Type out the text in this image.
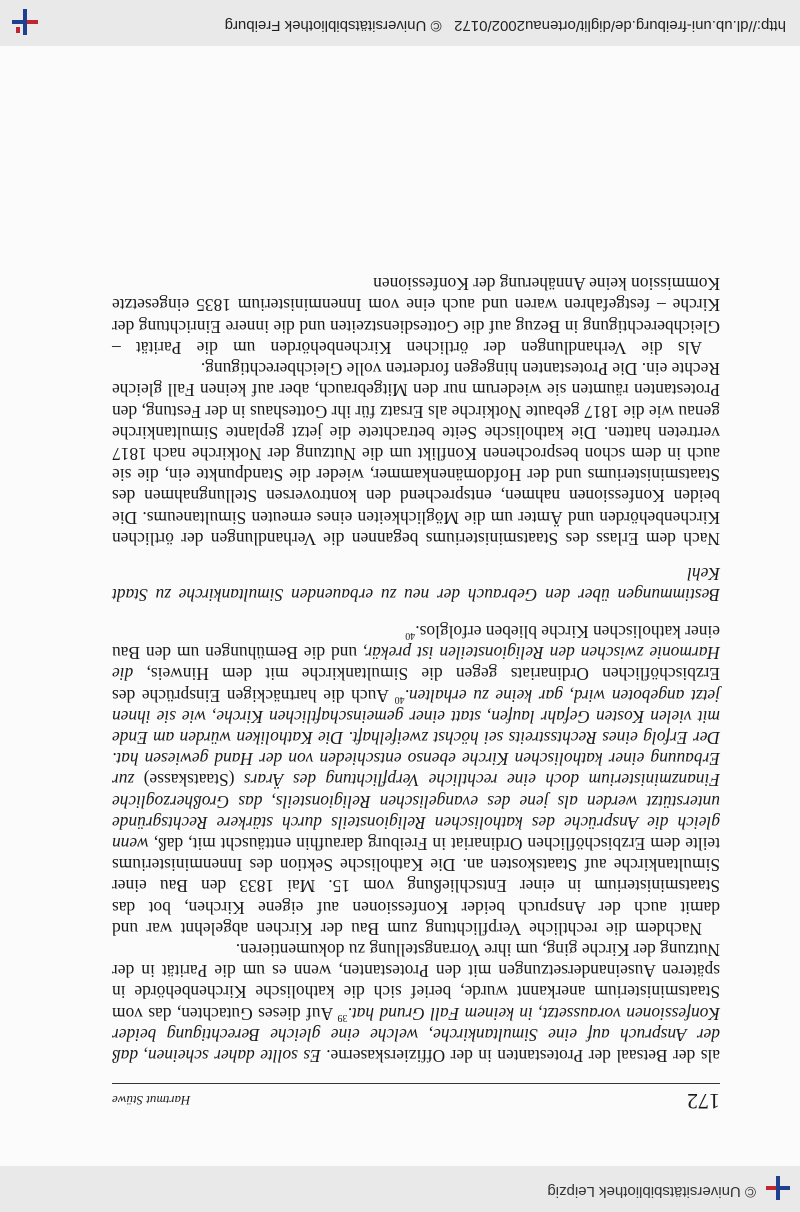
© Universitätsbibliothek Leipzig
172
Hartmut Stüwe

als der Betsaal der Protestanten in der Offizierskaserne. Es sollte daher scheinen, daß der Anspruch auf eine Simultankirche, welche eine gleiche Berechtigung beider Konfessionen voraussetzt, in keinem Fall Grund hat.$^{39}$ Auf dieses Gutachten, das vom Staatsministerium anerkannt wurde, berief sich die katholische Kirchenbehörde in späteren Auseinandersetzungen mit den Protestanten, wenn es um die Parität in der Nutzung der Kirche ging, um ihre Vorrangstellung zu dokumentieren.

Nachdem die rechtliche Verpflichtung zum Bau der Kirchen abgelehnt war und damit auch der Anspruch beider Konfessionen auf eigene Kirchen, bot das Staatsministerium in einer Entschließung vom 15. Mai 1833 den Bau einer Simultankirche auf Staatskosten an. Die Katholische Sektion des Innenministeriums teilte dem Erzbischöflichen Ordinariat in Freiburg daraufhin enttäuscht mit, daß, wenn gleich die Ansprüche des katholischen Religionsteils durch stärkere Rechtsgründe unterstützt werden als jene des evangelischen Religionsteils, das Großherzogliche Finanzministerium doch eine rechtliche Verpflichtung des Ärars (Staatskasse) zur Erbauung einer katholischen Kirche ebenso entschieden von der Hand gewiesen hat. Der Erfolg eines Rechtsstreits sei höchst zweifelhaft. Die Katholiken würden am Ende mit vielen Kosten Gefahr laufen, statt einer gemeinschaftlichen Kirche, wie sie ihnen jetzt angeboten wird, gar keine zu erhalten.$^{40}$ Auch die hartnäckigen Einsprüche des Erzbischöflichen Ordinariats gegen die Simultankirche mit dem Hinweis, die Harmonie zwischen den Religionsteilen ist prekär, und die Bemühungen um den Bau einer katholischen Kirche blieben erfolglos.$^{40}$

Bestimmungen über den Gebrauch der neu zu erbauenden Simultankirche zu Stadt Kehl

Nach dem Erlass des Staatsministeriums begannen die Verhandlungen der örtlichen Kirchenbehörden und Ämter um die Möglichkeiten eines erneuten Simultaneums. Die beiden Konfessionen nahmen, entsprechend den kontroversen Stellungnahmen des Staatsministeriums und der Hofdomänenkammer, wieder die Standpunkte ein, die sie auch in dem schon besprochenen Konflikt um die Nutzung der Notkirche nach 1817 vertreten hatten. Die katholische Seite betrachtete die jetzt geplante Simultankirche genau wie die 1817 gebaute Notkirche als Ersatz für ihr Gotteshaus in der Festung, den Protestanten räumten sie wiederum nur den Mitgebrauch, aber auf keinen Fall gleiche Rechte ein. Die Protestanten hingegen forderten volle Gleichberechtigung.

Als die Verhandlungen der örtlichen Kirchenbehörden um die Parität – Gleichberechtigung in Bezug auf die Gottesdienstzeiten und die innere Einrichtung der Kirche – festgefahren waren und auch eine vom Innenministerium 1835 eingesetzte Kommission keine Annäherung der Konfessionen

http://dl.ub.uni-freiburg.de/diglit/ortenau2002/0172   © Universitätsbibliothek Freiburg
